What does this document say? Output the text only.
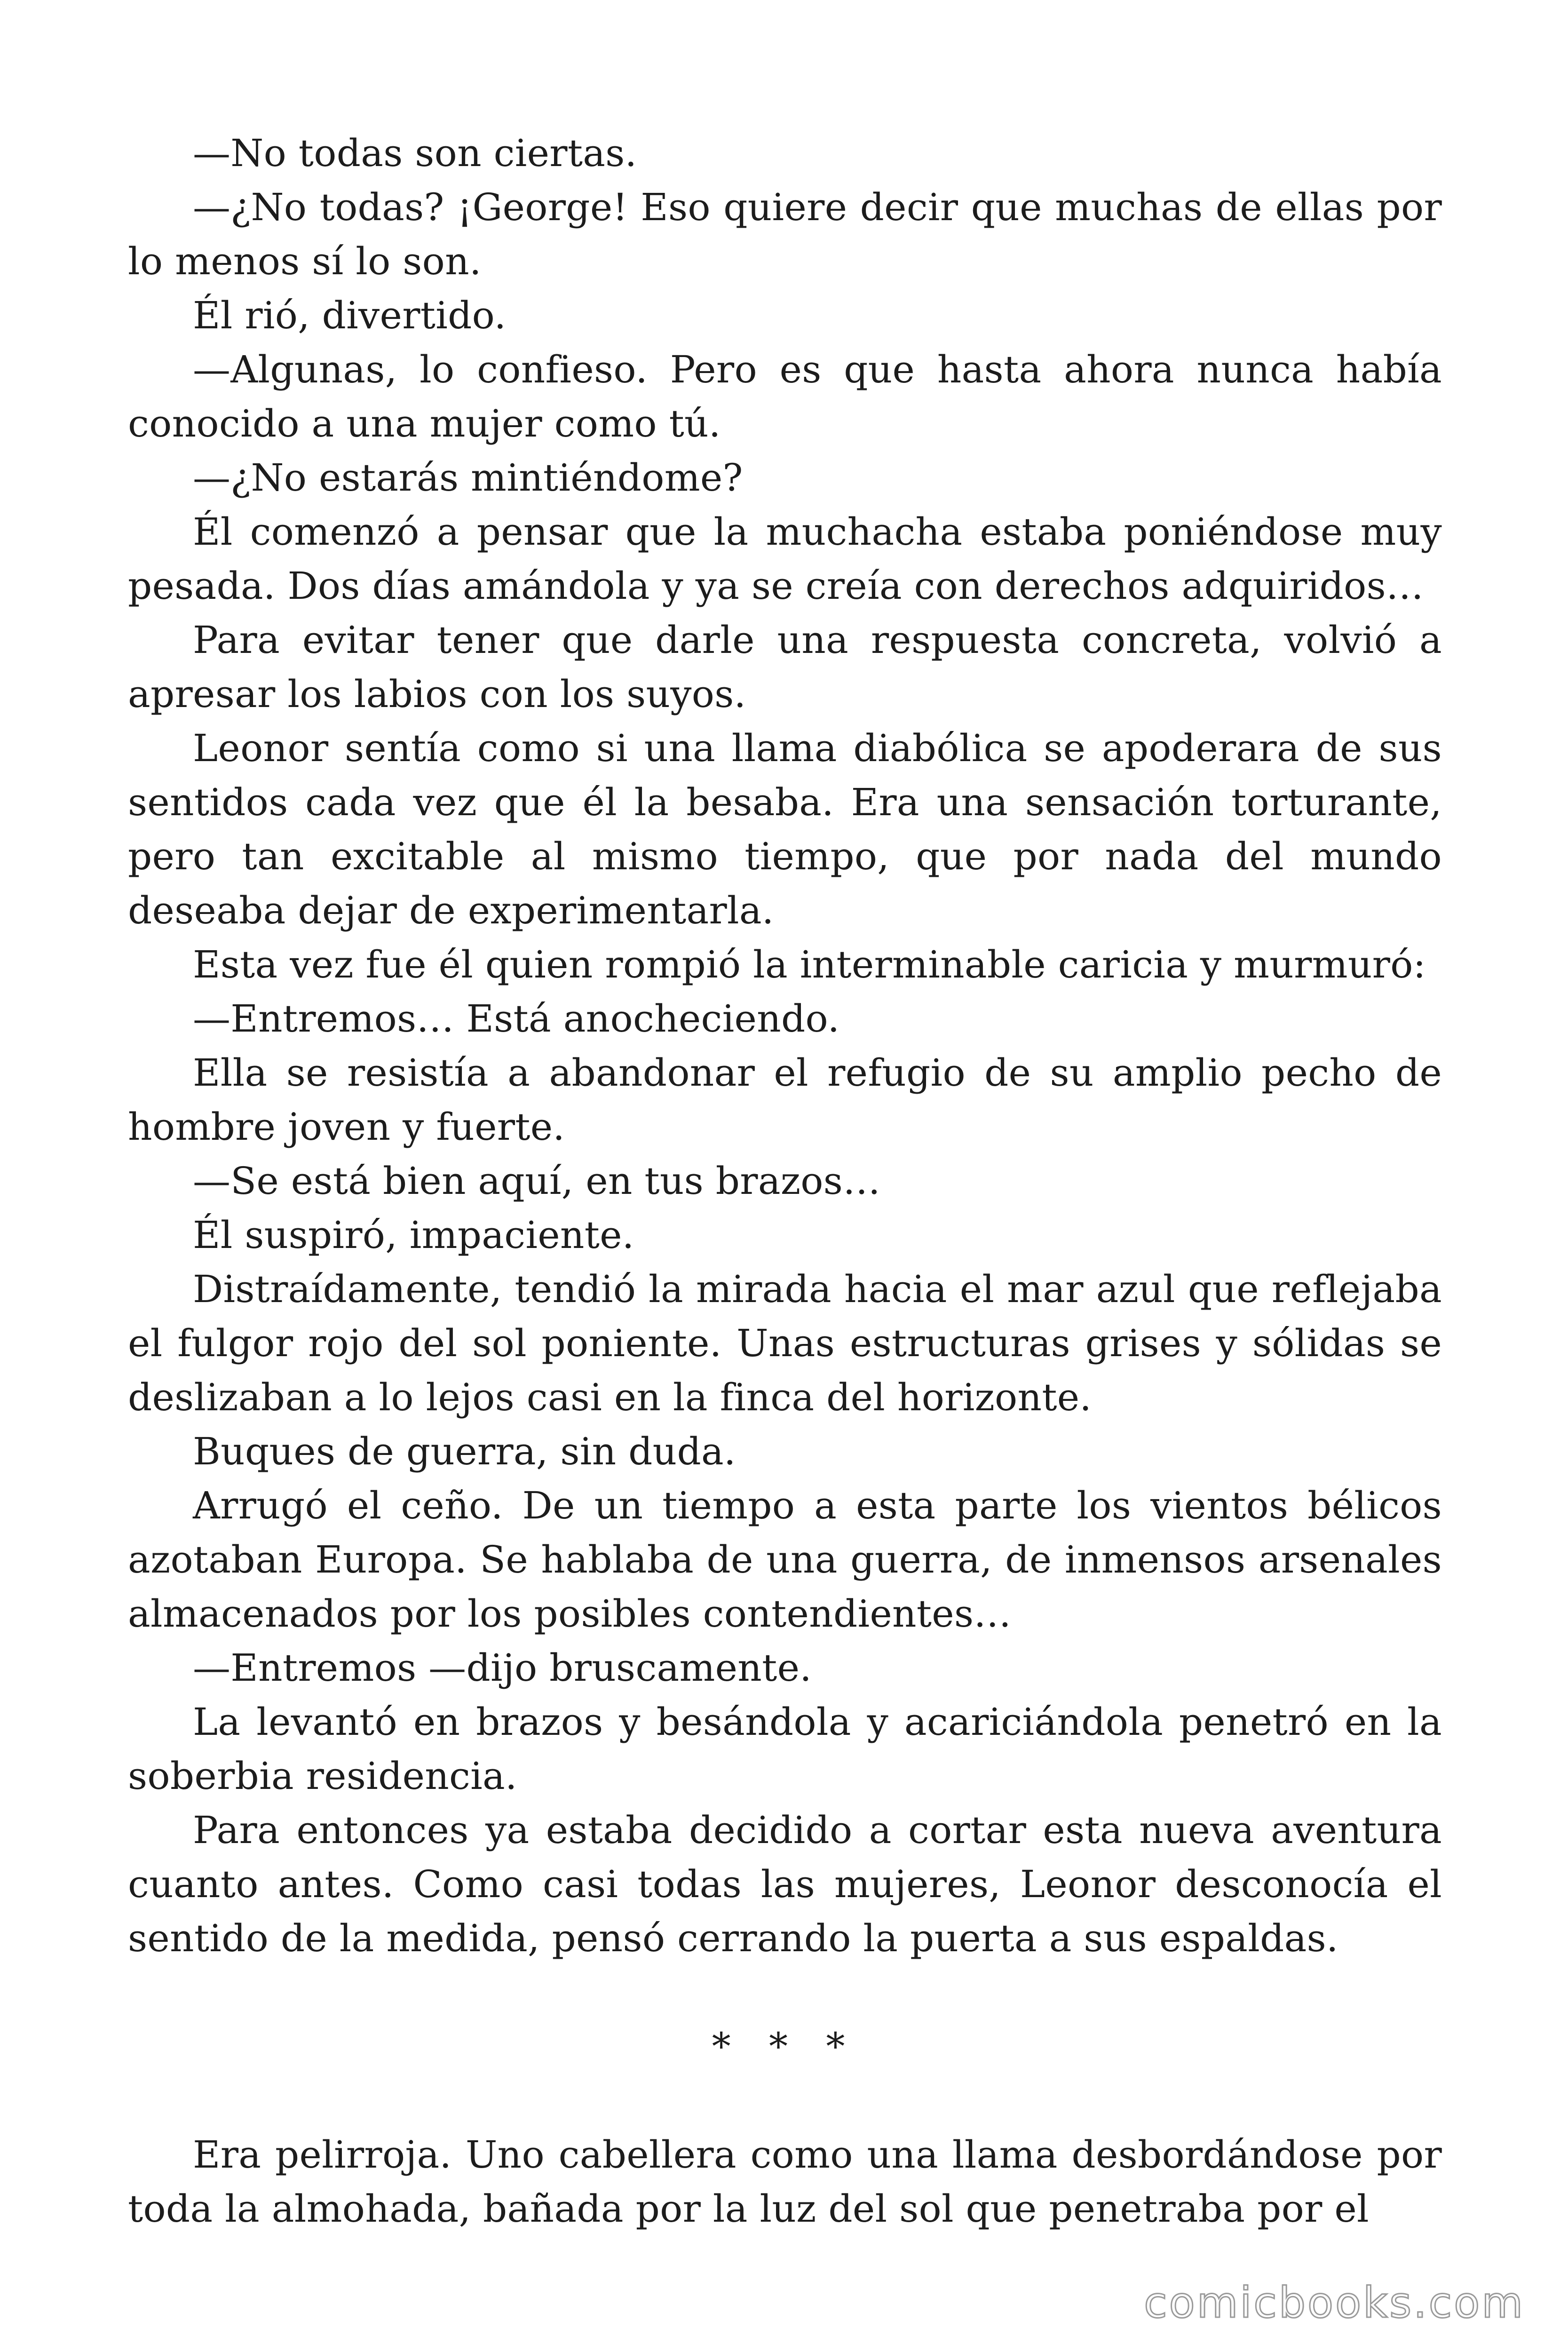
—No todas son ciertas.

—¿No todas? ¡George! Eso quiere decir que muchas de ellas por lo menos sí lo son.

Él rió, divertido.

—Algunas, lo confieso. Pero es que hasta ahora nunca había conocido a una mujer como tú.

—¿No estarás mintiéndome?

Él comenzó a pensar que la muchacha estaba poniéndose muy pesada. Dos días amándola y ya se creía con derechos adquiridos…

Para evitar tener que darle una respuesta concreta, volvió a apresar los labios con los suyos.

Leonor sentía como si una llama diabólica se apoderara de sus sentidos cada vez que él la besaba. Era una sensación torturante, pero tan excitable al mismo tiempo, que por nada del mundo deseaba dejar de experimentarla.

Esta vez fue él quien rompió la interminable caricia y murmuró:

—Entremos… Está anocheciendo.

Ella se resistía a abandonar el refugio de su amplio pecho de hombre joven y fuerte.

—Se está bien aquí, en tus brazos…

Él suspiró, impaciente.

Distraídamente, tendió la mirada hacia el mar azul que reflejaba el fulgor rojo del sol poniente. Unas estructuras grises y sólidas se deslizaban a lo lejos casi en la finca del horizonte.

Buques de guerra, sin duda.

Arrugó el ceño. De un tiempo a esta parte los vientos bélicos azotaban Europa. Se hablaba de una guerra, de inmensos arsenales almacenados por los posibles contendientes…

—Entremos —dijo bruscamente.

La levantó en brazos y besándola y acariciándola penetró en la soberbia residencia.

Para entonces ya estaba decidido a cortar esta nueva aventura cuanto antes. Como casi todas las mujeres, Leonor desconocía el sentido de la medida, pensó cerrando la puerta a sus espaldas.

* * *

Era pelirroja. Uno cabellera como una llama desbordándose por toda la almohada, bañada por la luz del sol que penetraba por el

comicbooks.com
